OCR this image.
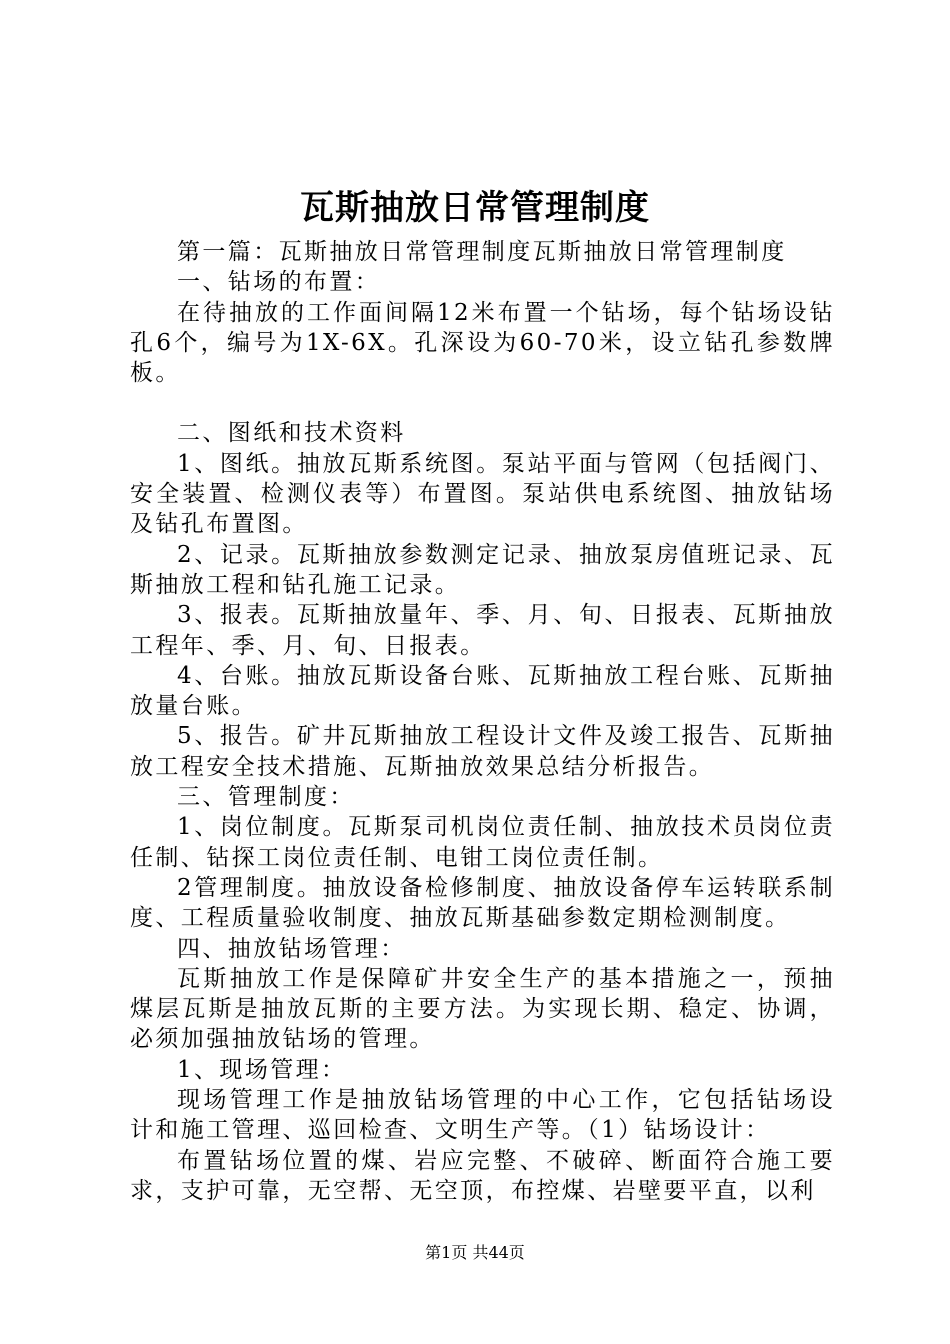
瓦斯抽放日常管理制度

第一篇：瓦斯抽放日常管理制度瓦斯抽放日常管理制度

一、钻场的布置：

在待抽放的工作面间隔12米布置一个钻场，每个钻场设钻孔6个，编号为1X-6X。孔深设为60-70米，设立钻孔参数牌板。

二、图纸和技术资料

1、图纸。抽放瓦斯系统图。泵站平面与管网（包括阀门、安全装置、检测仪表等）布置图。泵站供电系统图、抽放钻场及钻孔布置图。

2、记录。瓦斯抽放参数测定记录、抽放泵房值班记录、瓦斯抽放工程和钻孔施工记录。

3、报表。瓦斯抽放量年、季、月、旬、日报表、瓦斯抽放工程年、季、月、旬、日报表。

4、台账。抽放瓦斯设备台账、瓦斯抽放工程台账、瓦斯抽放量台账。

5、报告。矿井瓦斯抽放工程设计文件及竣工报告、瓦斯抽放工程安全技术措施、瓦斯抽放效果总结分析报告。

三、管理制度：

1、岗位制度。瓦斯泵司机岗位责任制、抽放技术员岗位责任制、钻探工岗位责任制、电钳工岗位责任制。

2管理制度。抽放设备检修制度、抽放设备停车运转联系制度、工程质量验收制度、抽放瓦斯基础参数定期检测制度。

四、抽放钻场管理：

瓦斯抽放工作是保障矿井安全生产的基本措施之一，预抽煤层瓦斯是抽放瓦斯的主要方法。为实现长期、稳定、协调，必须加强抽放钻场的管理。

1、现场管理：

现场管理工作是抽放钻场管理的中心工作，它包括钻场设计和施工管理、巡回检查、文明生产等。（1）钻场设计：

布置钻场位置的煤、岩应完整、不破碎、断面符合施工要求，支护可靠，无空帮、无空顶，布控煤、岩壁要平直，以利

第1页 共44页
